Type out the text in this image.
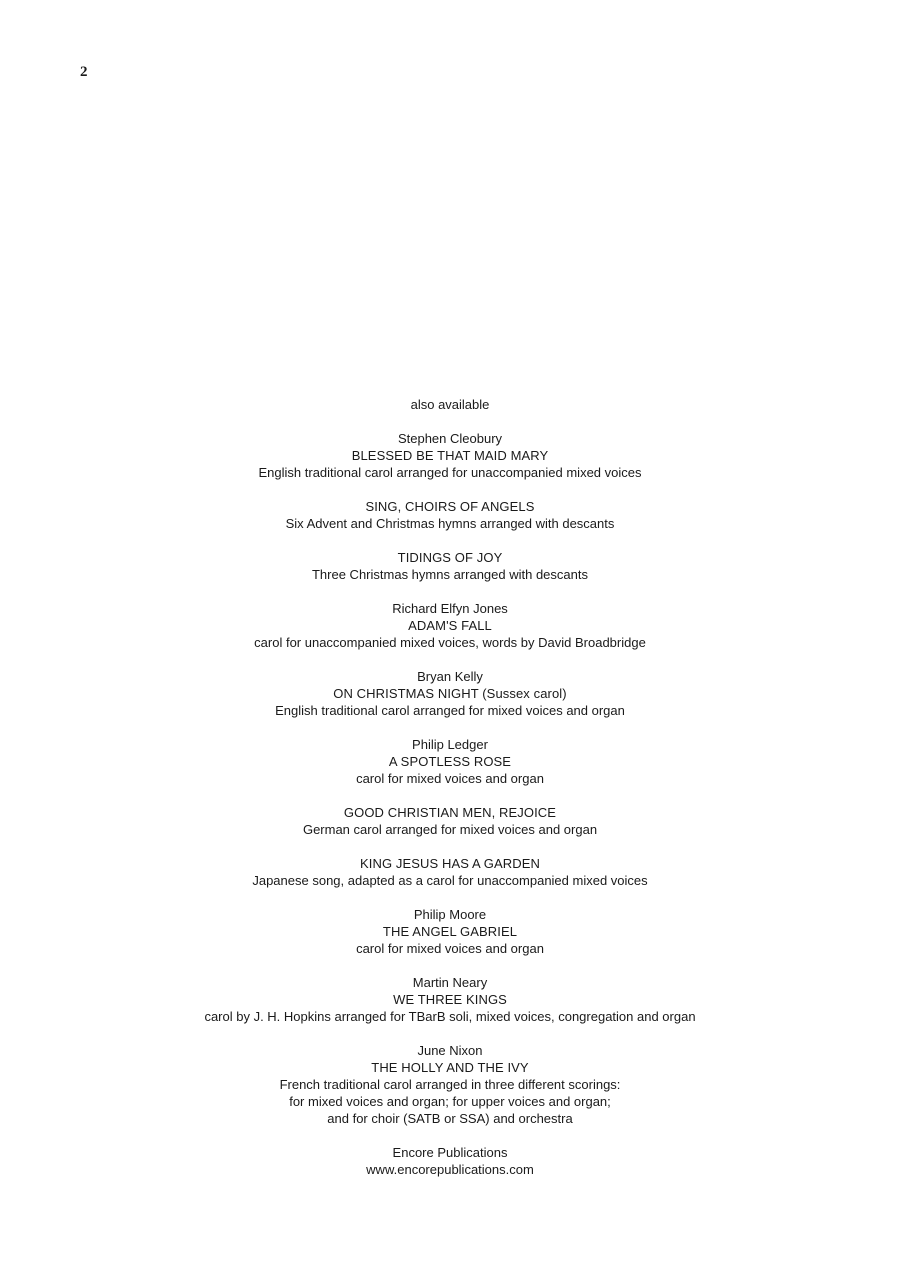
2
also available
Stephen Cleobury
BLESSED BE THAT MAID MARY
English traditional carol arranged for unaccompanied mixed voices
SING, CHOIRS OF ANGELS
Six Advent and Christmas hymns arranged with descants
TIDINGS OF JOY
Three Christmas hymns arranged with descants
Richard Elfyn Jones
ADAM'S FALL
carol for unaccompanied mixed voices, words by David Broadbridge
Bryan Kelly
ON CHRISTMAS NIGHT (Sussex carol)
English traditional carol arranged for mixed voices and organ
Philip Ledger
A SPOTLESS ROSE
carol for mixed voices and organ
GOOD CHRISTIAN MEN, REJOICE
German carol arranged for mixed voices and organ
KING JESUS HAS A GARDEN
Japanese song, adapted as a carol for unaccompanied mixed voices
Philip Moore
THE ANGEL GABRIEL
carol for mixed voices and organ
Martin Neary
WE THREE KINGS
carol by J. H. Hopkins arranged for TBarB soli, mixed voices, congregation and organ
June Nixon
THE HOLLY AND THE IVY
French traditional carol arranged in three different scorings:
for mixed voices and organ; for upper voices and organ;
and for choir (SATB or SSA) and orchestra
Encore Publications
www.encorepublications.com
